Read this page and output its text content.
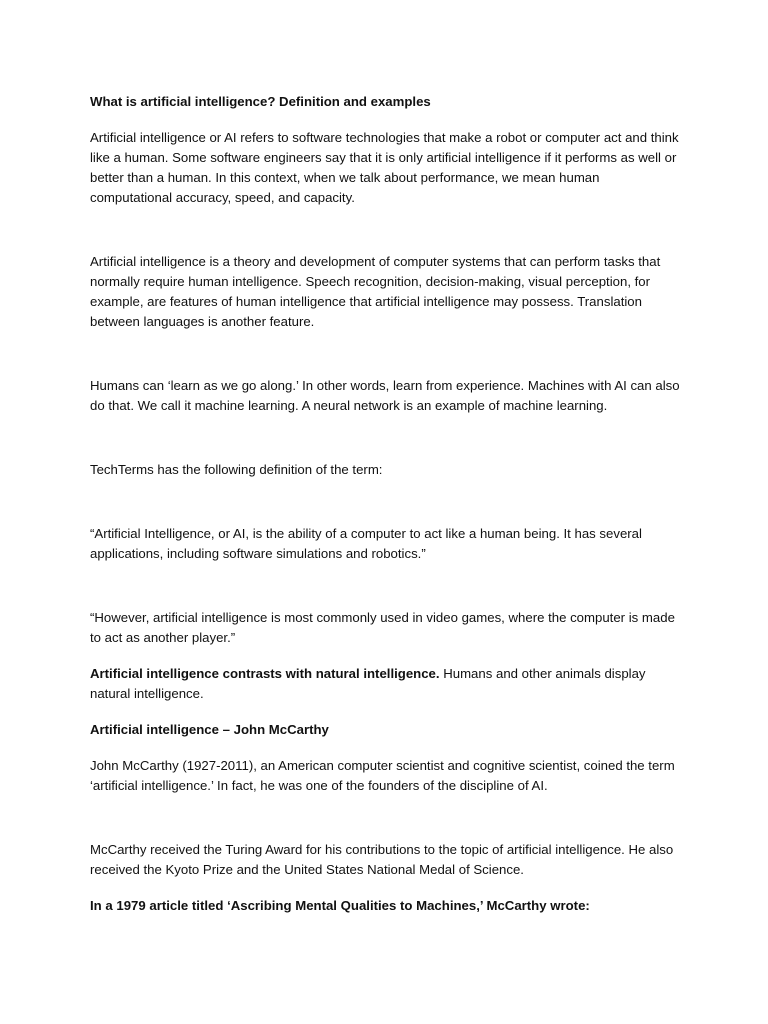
What is artificial intelligence? Definition and examples

Artificial intelligence or AI refers to software technologies that make a robot or computer act and think like a human. Some software engineers say that it is only artificial intelligence if it performs as well or better than a human. In this context, when we talk about performance, we mean human computational accuracy, speed, and capacity.

Artificial intelligence is a theory and development of computer systems that can perform tasks that normally require human intelligence. Speech recognition, decision-making, visual perception, for example, are features of human intelligence that artificial intelligence may possess. Translation between languages is another feature.

Humans can ‘learn as we go along.’ In other words, learn from experience. Machines with AI can also do that. We call it machine learning. A neural network is an example of machine learning.

TechTerms has the following definition of the term:

“Artificial Intelligence, or AI, is the ability of a computer to act like a human being. It has several applications, including software simulations and robotics.”

“However, artificial intelligence is most commonly used in video games, where the computer is made to act as another player.”

Artificial intelligence contrasts with natural intelligence. Humans and other animals display natural intelligence.

Artificial intelligence – John McCarthy

John McCarthy (1927-2011), an American computer scientist and cognitive scientist, coined the term ‘artificial intelligence.’ In fact, he was one of the founders of the discipline of AI.

McCarthy received the Turing Award for his contributions to the topic of artificial intelligence. He also received the Kyoto Prize and the United States National Medal of Science.

In a 1979 article titled ‘Ascribing Mental Qualities to Machines,’ McCarthy wrote:
